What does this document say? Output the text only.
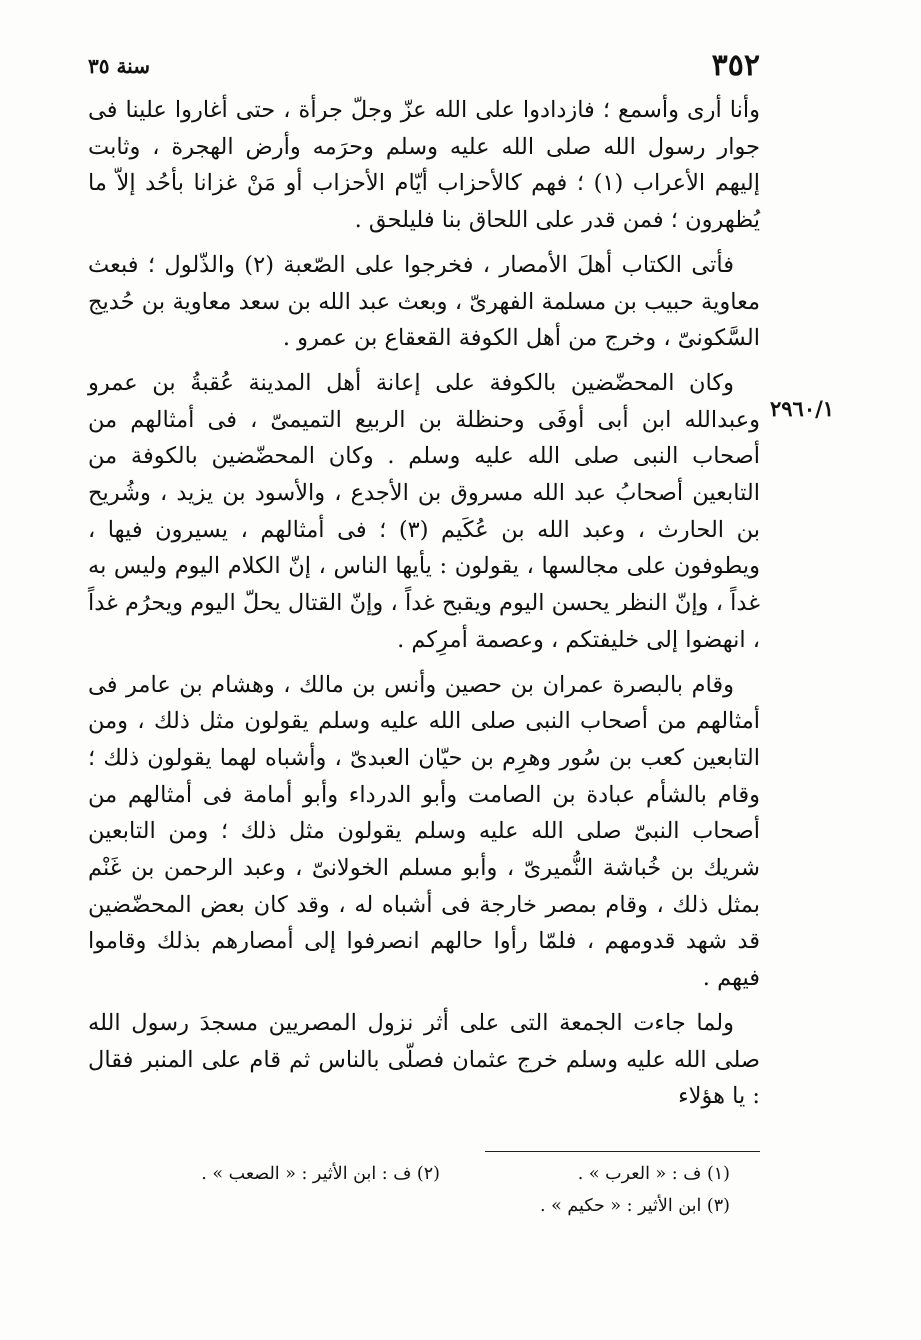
٣٥٢
سنة ٣٥
٢٩٦٠/١

وأنا أرى وأسمع ؛ فازدادوا على الله عزّ وجلّ جرأة ، حتى أغاروا علينا فى جوار رسول الله صلى الله عليه وسلم وحرَمه وأرض الهجرة ، وثابت إليهم الأعراب (١) ؛ فهم كالأحزاب أيّام الأحزاب أو مَنْ غزانا بأحُد إلاّ ما يُظهرون ؛ فمن قدر على اللحاق بنا فليلحق .

فأتى الكتاب أهلَ الأمصار ، فخرجوا على الصّعبة (٢) والذّلول ؛ فبعث معاوية حبيب بن مسلمة الفهرىّ ، وبعث عبد الله بن سعد معاوية بن حُديج السَّكونىّ ، وخرج من أهل الكوفة القعقاع بن عمرو .

وكان المحضّضين بالكوفة على إعانة أهل المدينة عُقبةُ بن عمرو وعبدالله ابن أبى أوفَى وحنظلة بن الربيع التميمىّ ، فى أمثالهم من أصحاب النبى صلى الله عليه وسلم . وكان المحضّضين بالكوفة من التابعين أصحابُ عبد الله مسروق بن الأجدع ، والأسود بن يزيد ، وشُريح بن الحارث ، وعبد الله بن عُكَيم (٣) ؛ فى أمثالهم ، يسيرون فيها ، ويطوفون على مجالسها ، يقولون : يأيها الناس ، إنّ الكلام اليوم وليس به غداً ، وإنّ النظر يحسن اليوم ويقبح غداً ، وإنّ القتال يحلّ اليوم ويحرُم غداً ، انهضوا إلى خليفتكم ، وعصمة أمرِكم .

وقام بالبصرة عمران بن حصين وأنس بن مالك ، وهشام بن عامر فى أمثالهم من أصحاب النبى صلى الله عليه وسلم يقولون مثل ذلك ، ومن التابعين كعب بن سُور وهرِم بن حيّان العبدىّ ، وأشباه لهما يقولون ذلك ؛ وقام بالشأم عبادة بن الصامت وأبو الدرداء وأبو أمامة فى أمثالهم من أصحاب النبىّ صلى الله عليه وسلم يقولون مثل ذلك ؛ ومن التابعين شريك بن خُباشة النُّميرىّ ، وأبو مسلم الخولانىّ ، وعبد الرحمن بن غَنْم بمثل ذلك ، وقام بمصر خارجة فى أشباه له ، وقد كان بعض المحضّضين قد شهد قدومهم ، فلمّا رأوا حالهم انصرفوا إلى أمصارهم بذلك وقاموا فيهم .

ولما جاءت الجمعة التى على أثر نزول المصريين مسجدَ رسول الله صلى الله عليه وسلم خرج عثمان فصلّى بالناس ثم قام على المنبر فقال : يا هؤلاء

(١) ف : « العرب » .
(٢) ف : ابن الأثير : « الصعب » .
(٣) ابن الأثير : « حكيم » .
